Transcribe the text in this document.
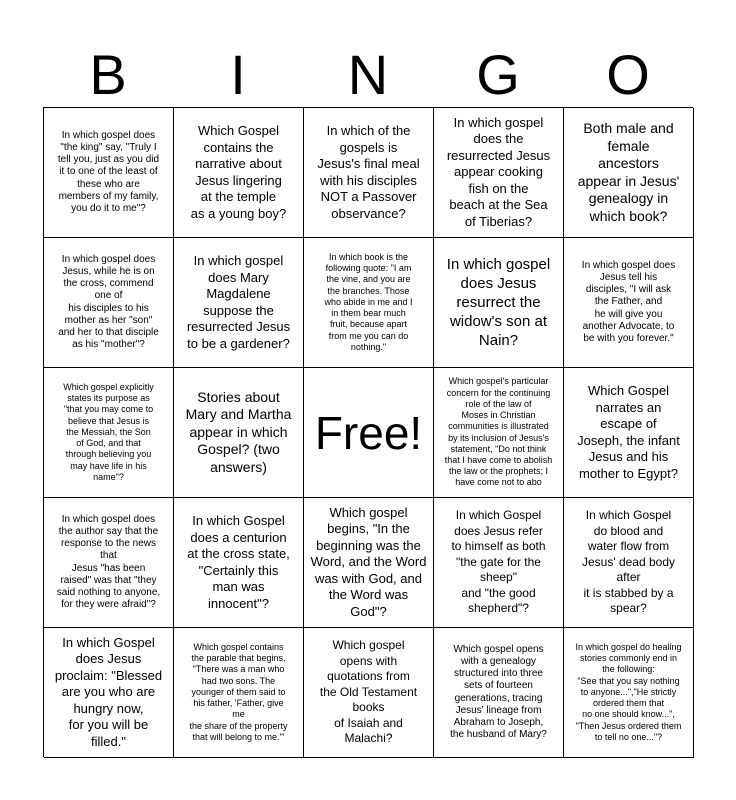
B	I	N	G	O
In which gospel does
"the king" say, "Truly I
tell you, just as you did
it to one of the least of
these who are
members of my family,
you do it to me"?
Which Gospel
contains the
narrative about
Jesus lingering
at the temple
as a young boy?
In which of the
gospels is
Jesus's final meal
with his disciples
NOT a Passover
observance?
In which gospel
does the
resurrected Jesus
appear cooking
fish on the
beach at the Sea
of Tiberias?
Both male and
female
ancestors
appear in Jesus'
genealogy in
which book?
In which gospel does
Jesus, while he is on
the cross, commend
one of
his disciples to his
mother as her "son"
and her to that disciple
as his "mother"?
In which gospel
does Mary
Magdalene
suppose the
resurrected Jesus
to be a gardener?
In which book is the
following quote: "I am
the vine, and you are
the branches. Those
who abide in me and I
in them bear much
fruit, because apart
from me you can do
nothing."
In which gospel
does Jesus
resurrect the
widow's son at
Nain?
In which gospel does
Jesus tell his
disciples, "I will ask
the Father, and
he will give you
another Advocate, to
be with you forever."
Which gospel explicitly
states its purpose as
"that you may come to
believe that Jesus is
the Messiah, the Son
of God, and that
through believing you
may have life in his
name"?
Stories about
Mary and Martha
appear in which
Gospel? (two
answers)
Free!
Which gospel's particular
concern for the continuing
role of the law of
Moses in Christian
communities is illustrated
by its inclusion of Jesus's
statement, "Do not think
that I have come to abolish
the law or the prophets; I
have come not to abo
Which Gospel
narrates an
escape of
Joseph, the infant
Jesus and his
mother to Egypt?
In which gospel does
the author say that the
response to the news
that
Jesus "has been
raised" was that "they
said nothing to anyone,
for they were afraid"?
In which Gospel
does a centurion
at the cross state,
"Certainly this
man was
innocent"?
Which gospel
begins, "In the
beginning was the
Word, and the Word
was with God, and
the Word was
God"?
In which Gospel
does Jesus refer
to himself as both
"the gate for the
sheep"
and "the good
shepherd"?
In which Gospel
do blood and
water flow from
Jesus' dead body
after
it is stabbed by a
spear?
In which Gospel
does Jesus
proclaim: "Blessed
are you who are
hungry now,
for you will be
filled."
Which gospel contains
the parable that begins,
"There was a man who
had two sons. The
younger of them said to
his father, 'Father, give
me
the share of the property
that will belong to me.'"
Which gospel
opens with
quotations from
the Old Testament
books
of Isaiah and
Malachi?
Which gospel opens
with a genealogy
structured into three
sets of fourteen
generations, tracing
Jesus' lineage from
Abraham to Joseph,
the husband of Mary?
In which gospel do healing
stories commonly end in
the following:
"See that you say nothing
to anyone...","He strictly
ordered them that
no one should know...",
"Then Jesus ordered them
to tell no one..."?
